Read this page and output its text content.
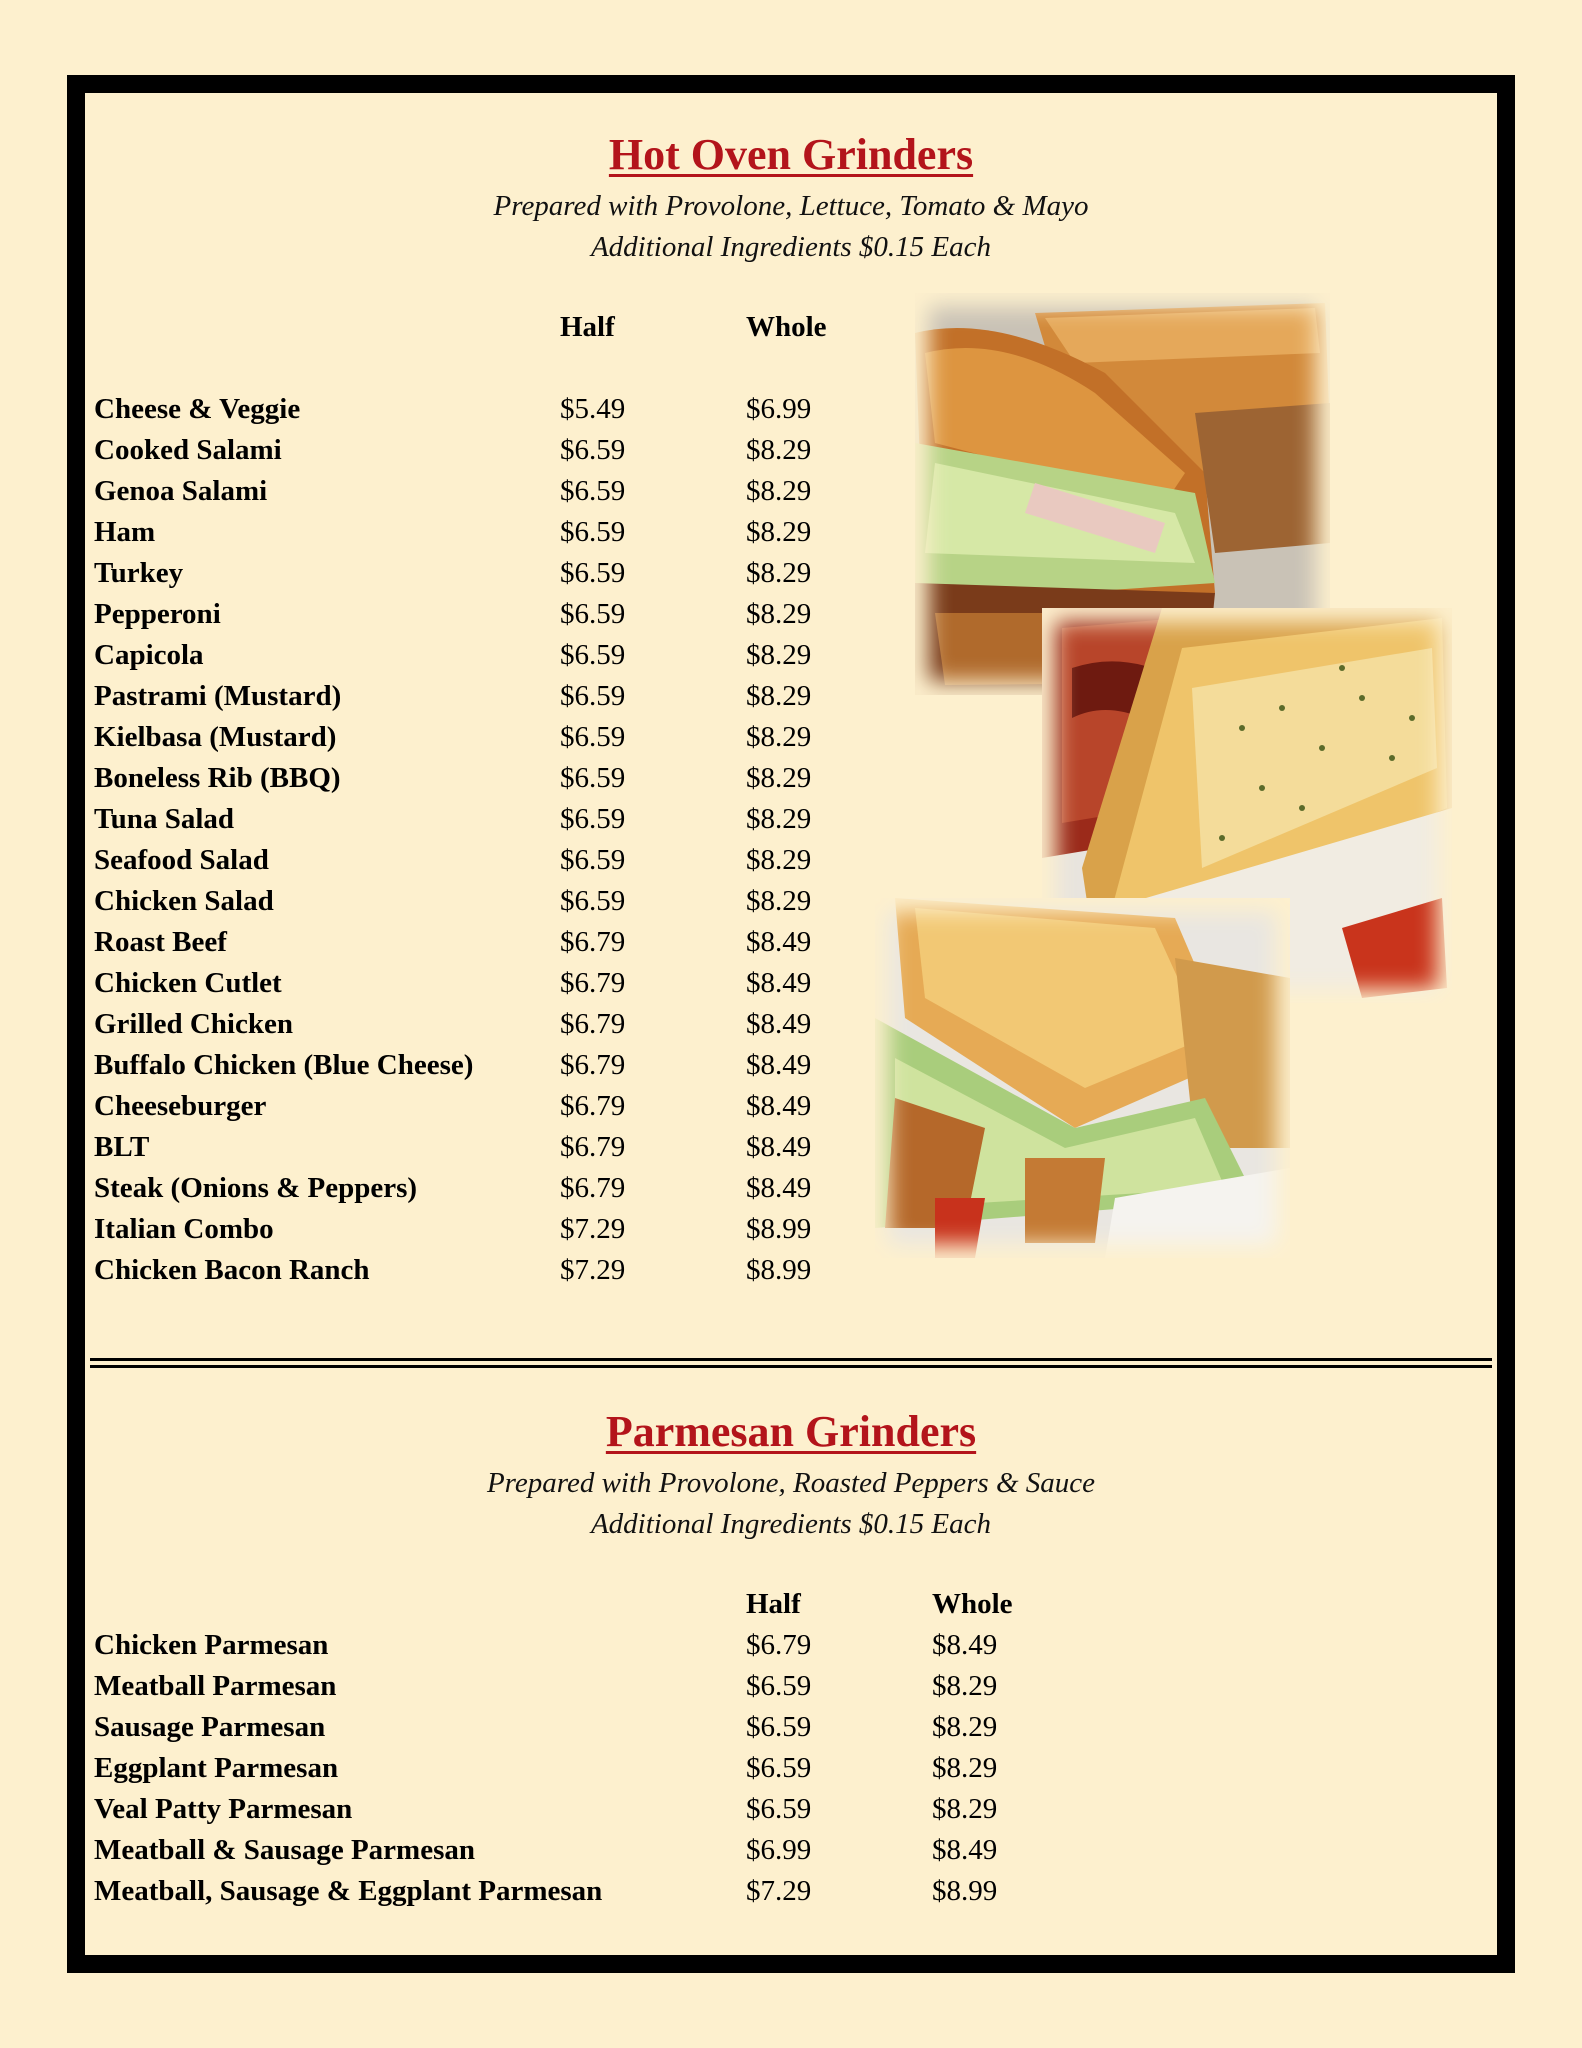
Hot Oven Grinders

Prepared with Provolone, Lettuce, Tomato & Mayo

Additional Ingredients $0.15 Each

Half	Whole
Cheese & Veggie	$5.49	$6.99
Cooked Salami	$6.59	$8.29
Genoa Salami	$6.59	$8.29
Ham	$6.59	$8.29
Turkey	$6.59	$8.29
Pepperoni	$6.59	$8.29
Capicola	$6.59	$8.29
Pastrami (Mustard)	$6.59	$8.29
Kielbasa (Mustard)	$6.59	$8.29
Boneless Rib (BBQ)	$6.59	$8.29
Tuna Salad	$6.59	$8.29
Seafood Salad	$6.59	$8.29
Chicken Salad	$6.59	$8.29
Roast Beef	$6.79	$8.49
Chicken Cutlet	$6.79	$8.49
Grilled Chicken	$6.79	$8.49
Buffalo Chicken (Blue Cheese)	$6.79	$8.49
Cheeseburger	$6.79	$8.49
BLT	$6.79	$8.49
Steak (Onions & Peppers)	$6.79	$8.49
Italian Combo	$7.29	$8.99
Chicken Bacon Ranch	$7.29	$8.99
Parmesan Grinders

Prepared with Provolone, Roasted Peppers & Sauce

Additional Ingredients $0.15 Each

Half	Whole
Chicken Parmesan	$6.79	$8.49
Meatball Parmesan	$6.59	$8.29
Sausage Parmesan	$6.59	$8.29
Eggplant Parmesan	$6.59	$8.29
Veal Patty Parmesan	$6.59	$8.29
Meatball & Sausage Parmesan	$6.99	$8.49
Meatball, Sausage & Eggplant Parmesan	$7.29	$8.99
